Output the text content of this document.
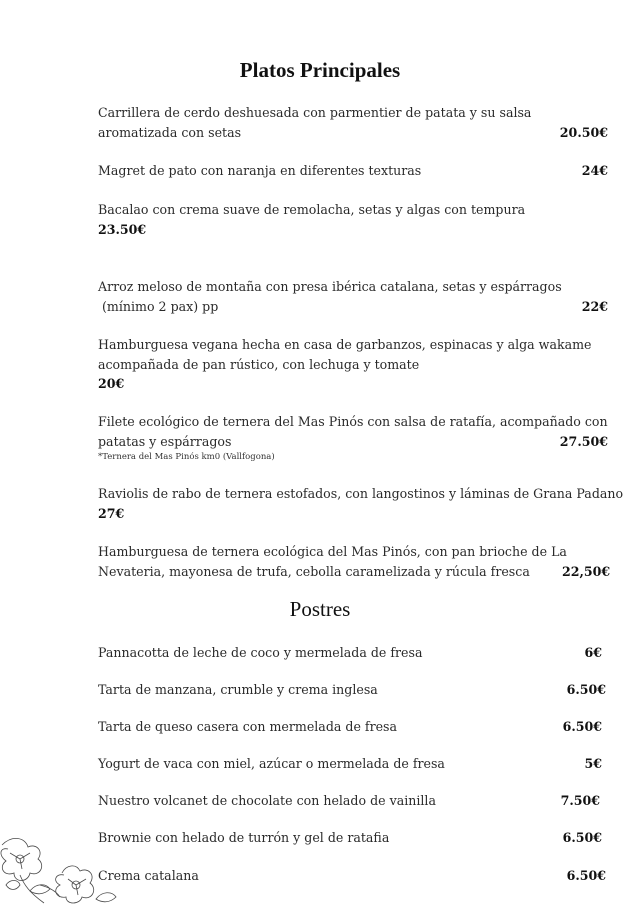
Platos Principales
Carrillera de cerdo deshuesada con parmentier de patata y su salsa aromatizada con setas	20.50€
Magret de pato con naranja en diferentes texturas	24€
Bacalao con crema suave de remolacha, setas y algas con tempura
23.50€
Arroz meloso de montaña con presa ibérica catalana, setas y espárragos
(mínimo 2 pax) pp	22€
Hamburguesa vegana hecha en casa de garbanzos, espinacas y alga wakame acompañada de pan rústico, con lechuga y tomate
20€
Filete ecológico de ternera del Mas Pinós con salsa de ratafía, acompañado con patatas y espárragos	27.50€
*Ternera del Mas Pinós km0 (Vallfogona)
Raviolis de rabo de ternera estofados, con langostinos y láminas de Grana Padano
27€
Hamburguesa de ternera ecológica del Mas Pinós, con pan brioche de La Nevateria, mayonesa de trufa, cebolla caramelizada y rúcula fresca	22,50€
Postres
Pannacotta de leche de coco y mermelada de fresa	6€
Tarta de manzana, crumble y crema inglesa	6.50€
Tarta de queso casera con mermelada de fresa	6.50€
Yogurt de vaca con miel, azúcar o mermelada de fresa	5€
Nuestro volcanet de chocolate con helado de vainilla	7.50€
Brownie con helado de turrón y gel de ratafia	6.50€
Crema catalana	6.50€
